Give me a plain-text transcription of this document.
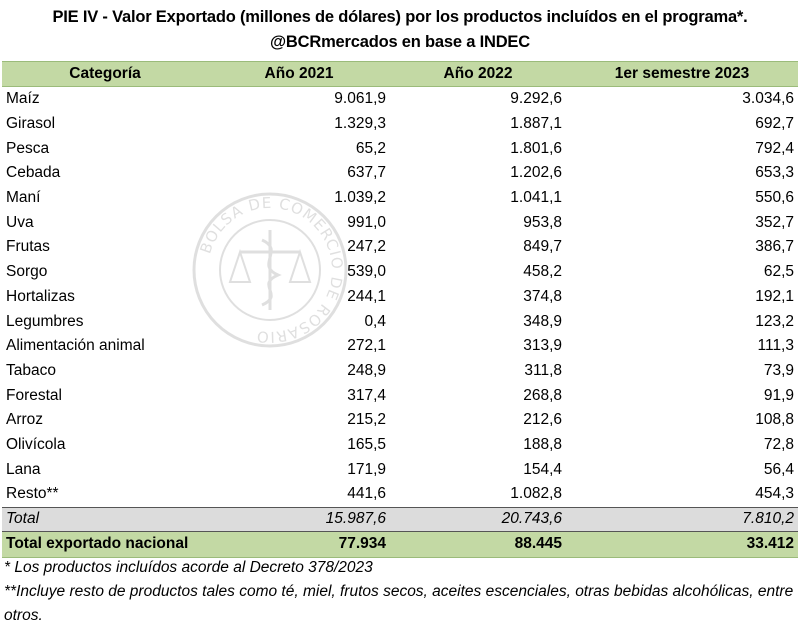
PIE IV - Valor Exportado (millones de dólares) por los productos incluídos en el programa*.
@BCRmercados en base a INDEC
BOLSA DE COMERCIO DE ROSARIO
Categoría	Año 2021	Año 2022	1er semestre 2023
Maíz	9.061,9	9.292,6	3.034,6
Girasol	1.329,3	1.887,1	692,7
Pesca	65,2	1.801,6	792,4
Cebada	637,7	1.202,6	653,3
Maní	1.039,2	1.041,1	550,6
Uva	991,0	953,8	352,7
Frutas	247,2	849,7	386,7
Sorgo	539,0	458,2	62,5
Hortalizas	244,1	374,8	192,1
Legumbres	0,4	348,9	123,2
Alimentación animal	272,1	313,9	111,3
Tabaco	248,9	311,8	73,9
Forestal	317,4	268,8	91,9
Arroz	215,2	212,6	108,8
Olivícola	165,5	188,8	72,8
Lana	171,9	154,4	56,4
Resto**	441,6	1.082,8	454,3
Total	15.987,6	20.743,6	7.810,2
Total exportado nacional	77.934	88.445	33.412
* Los productos incluídos acorde al Decreto 378/2023
**Incluye resto de productos tales como té, miel, frutos secos, aceites escenciales, otras bebidas alcohólicas, entre otros.
